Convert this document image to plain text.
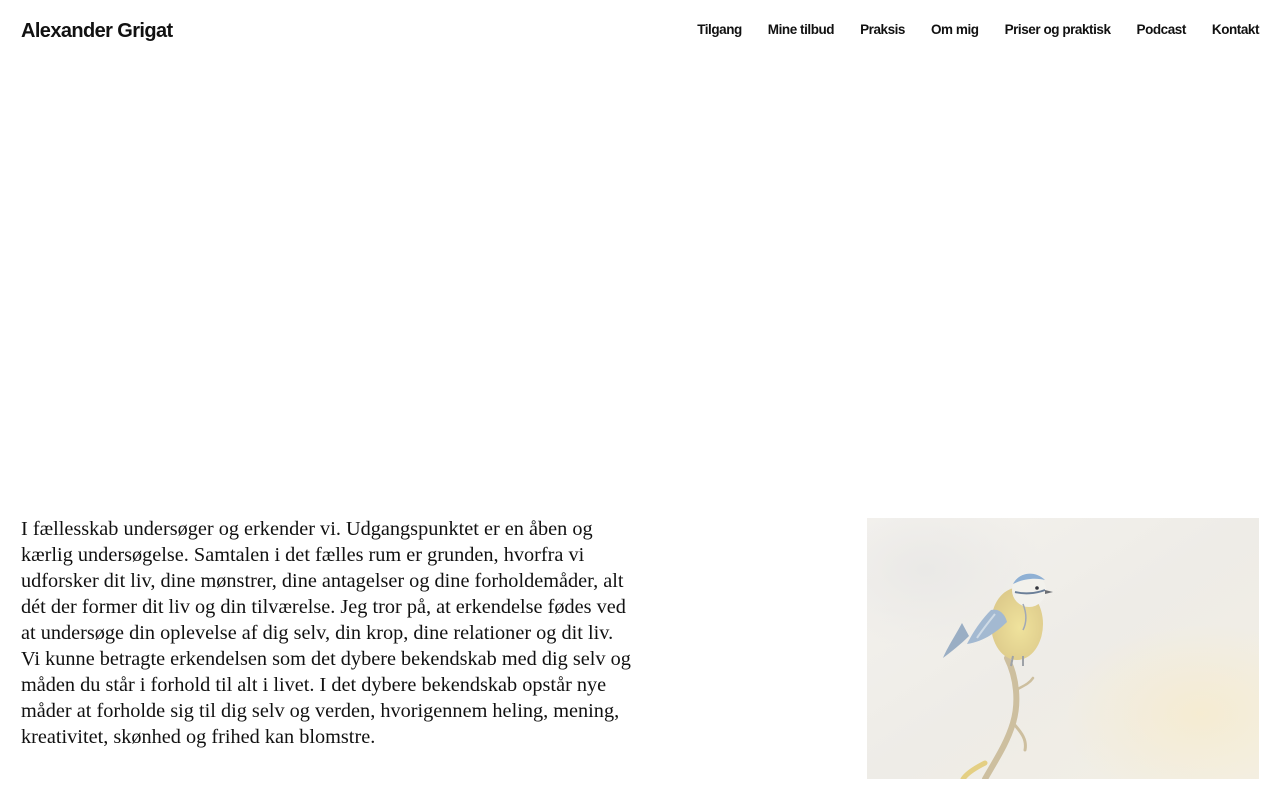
Alexander Grigat	Tilgang Mine tilbud Praksis Om mig Priser og praktisk Podcast Kontakt

I fællesskab undersøger og erkender vi. Udgangspunktet er en åben og kærlig undersøgelse. Samtalen i det fælles rum er grunden, hvorfra vi udforsker dit liv, dine mønstrer, dine antagelser og dine forholdemåder, alt dét der former dit liv og din tilværelse. Jeg tror på, at erkendelse fødes ved at undersøge din oplevelse af dig selv, din krop, dine relationer og dit liv. Vi kunne betragte erkendelsen som det dybere bekendskab med dig selv og måden du står i forhold til alt i livet. I det dybere bekendskab opstår nye måder at forholde sig til dig selv og verden, hvorigennem heling, mening, kreativitet, skønhed og frihed kan blomstre.
